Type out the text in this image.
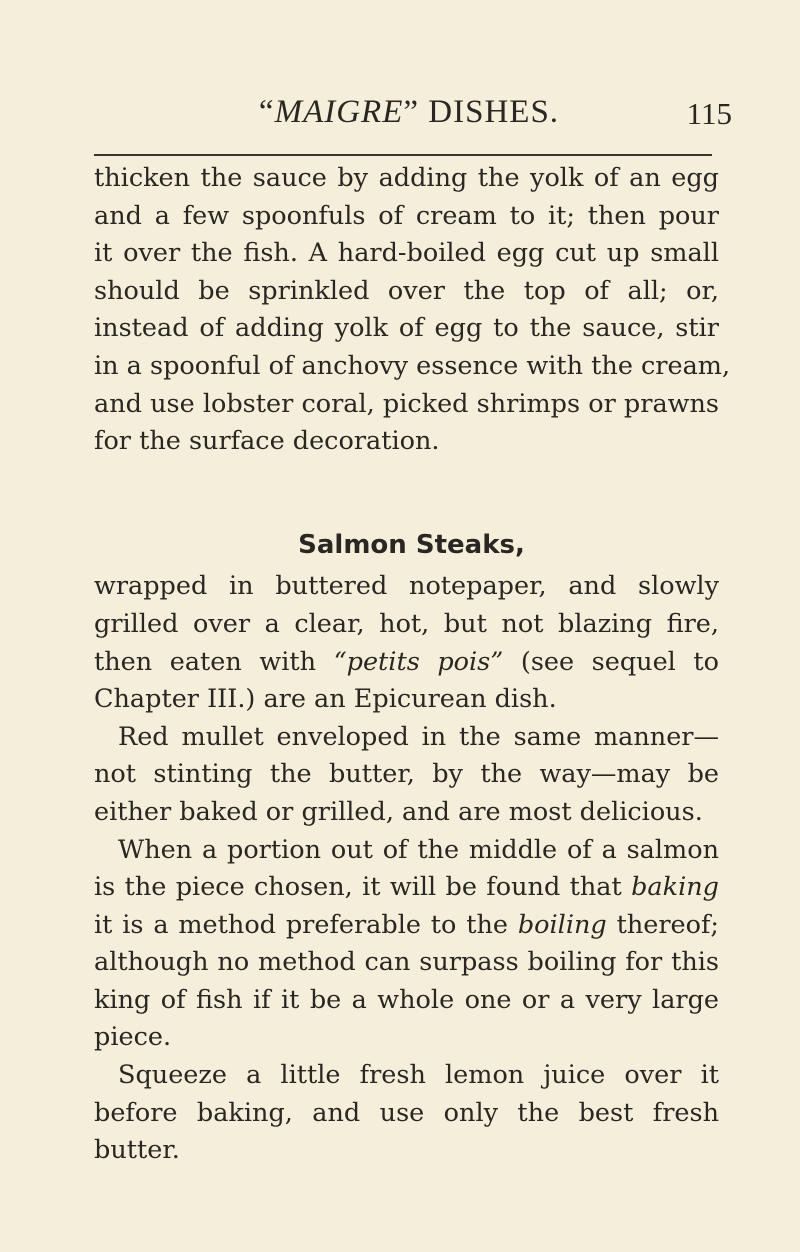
“MAIGRE” DISHES.	115
thicken the sauce by adding the yolk of an egg
and a few spoonfuls of cream to it; then pour
it over the fish. A hard-boiled egg cut up small
should be sprinkled over the top of all; or,
instead of adding yolk of egg to the sauce, stir
in a spoonful of anchovy essence with the cream,
and use lobster coral, picked shrimps or prawns
for the surface decoration.
Salmon Steaks,
wrapped in buttered notepaper, and slowly
grilled over a clear, hot, but not blazing fire,
then eaten with “petits pois” (see sequel to
Chapter III.) are an Epicurean dish.
Red mullet enveloped in the same manner—
not stinting the butter, by the way—may be
either baked or grilled, and are most delicious.
When a portion out of the middle of a salmon
is the piece chosen, it will be found that baking
it is a method preferable to the boiling thereof;
although no method can surpass boiling for this
king of fish if it be a whole one or a very large
piece.
Squeeze a little fresh lemon juice over it
before baking, and use only the best fresh
butter.
